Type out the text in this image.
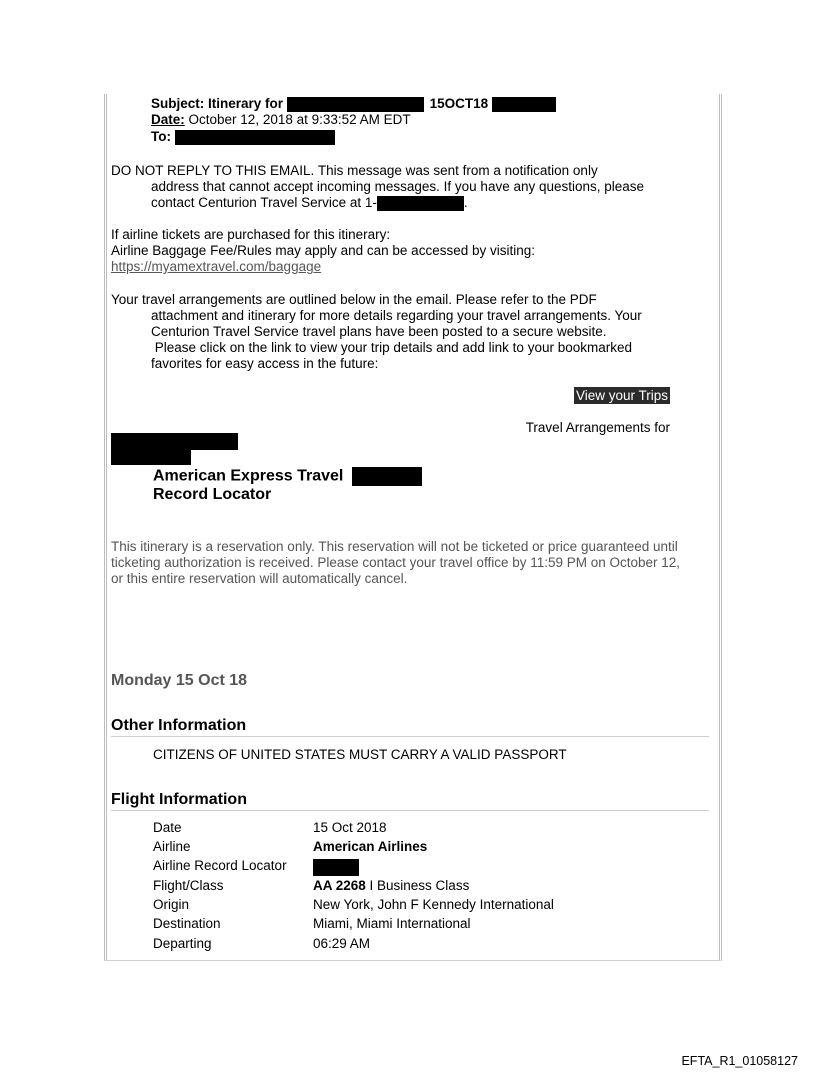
Subject: Itinerary for	15OCT18
Date: October 12, 2018 at 9:33:52 AM EDT
To:
DO NOT REPLY TO THIS EMAIL. This message was sent from a notification only
address that cannot accept incoming messages. If you have any questions, please
contact Centurion Travel Service at 1-	.
If airline tickets are purchased for this itinerary:
Airline Baggage Fee/Rules may apply and can be accessed by visiting:
https://myamextravel.com/baggage
Your travel arrangements are outlined below in the email. Please refer to the PDF
attachment and itinerary for more details regarding your travel arrangements. Your
Centurion Travel Service travel plans have been posted to a secure website.
Please click on the link to view your trip details and add link to your bookmarked
favorites for easy access in the future:
View your Trips
Travel Arrangements for
American Express Travel
Record Locator
This itinerary is a reservation only. This reservation will not be ticketed or price guaranteed until
ticketing authorization is received. Please contact your travel office by 11:59 PM on October 12,
or this entire reservation will automatically cancel.
Monday 15 Oct 18
Other Information
CITIZENS OF UNITED STATES MUST CARRY A VALID PASSPORT
Flight Information
Date	15 Oct 2018
Airline	American Airlines
Airline Record Locator
Flight/Class	AA 2268 I Business Class
Origin	New York, John F Kennedy International
Destination	Miami, Miami International
Departing	06:29 AM
EFTA_R1_01058127
